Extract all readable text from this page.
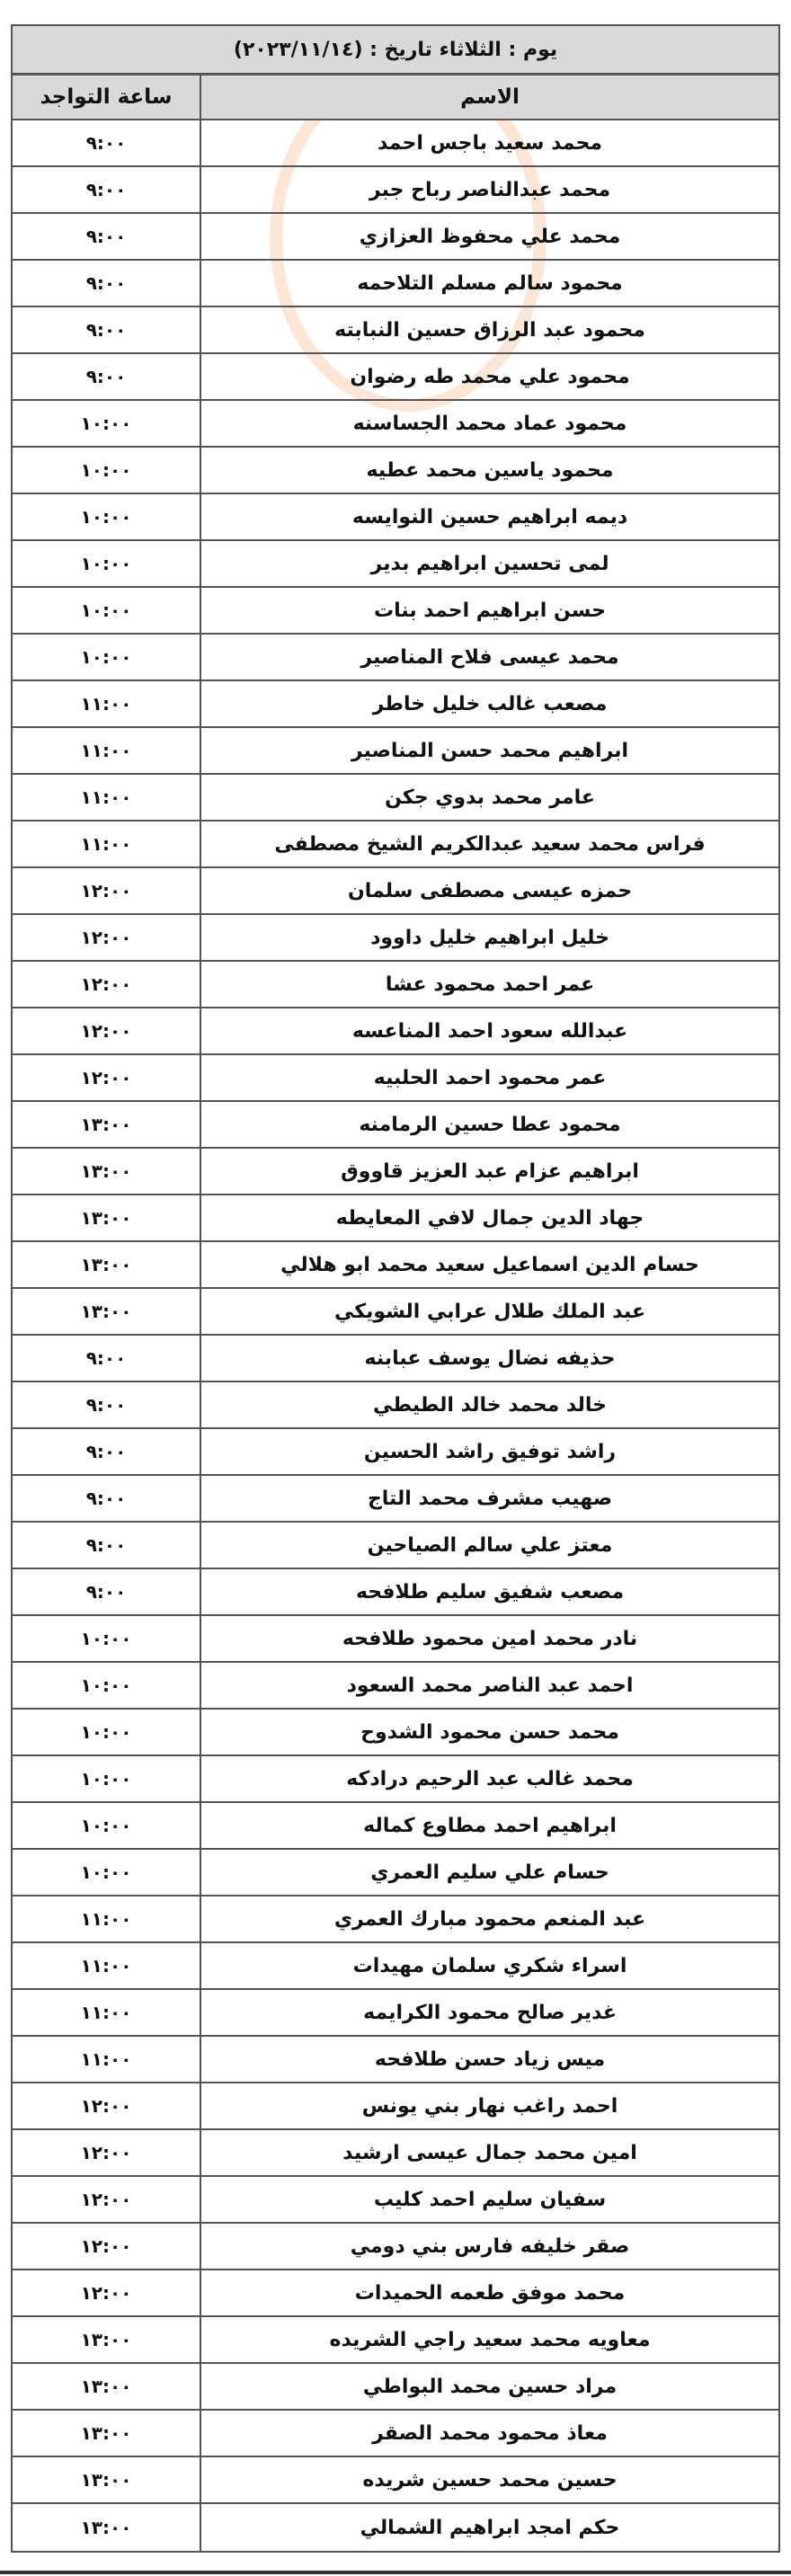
يوم : الثلاثاء تاريخ : (٢٠٢٣/١١/١٤)
الاسم
ساعة التواجد
محمد سعيد باجس احمد
٩:٠٠
محمد عبدالناصر رباح جبر
٩:٠٠
محمد علي محفوظ العزازي
٩:٠٠
محمود سالم مسلم التلاحمه
٩:٠٠
محمود عبد الرزاق حسين النبابته
٩:٠٠
محمود علي محمد طه رضوان
٩:٠٠
محمود عماد محمد الجساسنه
١٠:٠٠
محمود ياسين محمد عطيه
١٠:٠٠
ديمه ابراهيم حسين النوايسه
١٠:٠٠
لمى تحسين ابراهيم بدير
١٠:٠٠
حسن ابراهيم احمد بنات
١٠:٠٠
محمد عيسى فلاح المناصير
١٠:٠٠
مصعب غالب خليل خاطر
١١:٠٠
ابراهيم محمد حسن المناصير
١١:٠٠
عامر محمد بدوي جكن
١١:٠٠
فراس محمد سعيد عبدالكريم الشيخ مصطفى
١١:٠٠
حمزه عيسى مصطفى سلمان
١٢:٠٠
خليل ابراهيم خليل داوود
١٢:٠٠
عمر احمد محمود عشا
١٢:٠٠
عبدالله سعود احمد المناعسه
١٢:٠٠
عمر محمود احمد الحلبيه
١٢:٠٠
محمود عطا حسين الرمامنه
١٣:٠٠
ابراهيم عزام عبد العزيز قاووق
١٣:٠٠
جهاد الدين جمال لافي المعايطه
١٣:٠٠
حسام الدين اسماعيل سعيد محمد ابو هلالي
١٣:٠٠
عبد الملك طلال عرابي الشويكي
١٣:٠٠
حذيفه نضال يوسف عبابنه
٩:٠٠
خالد محمد خالد الطيطي
٩:٠٠
راشد توفيق راشد الحسين
٩:٠٠
صهيب مشرف محمد التاج
٩:٠٠
معتز علي سالم الصياحين
٩:٠٠
مصعب شفيق سليم طلافحه
٩:٠٠
نادر محمد امين محمود طلافحه
١٠:٠٠
احمد عبد الناصر محمد السعود
١٠:٠٠
محمد حسن محمود الشدوح
١٠:٠٠
محمد غالب عبد الرحيم درادكه
١٠:٠٠
ابراهيم احمد مطاوع كماله
١٠:٠٠
حسام علي سليم العمري
١٠:٠٠
عبد المنعم محمود مبارك العمري
١١:٠٠
اسراء شكري سلمان مهيدات
١١:٠٠
غدير صالح محمود الكرايمه
١١:٠٠
ميس زياد حسن طلافحه
١١:٠٠
احمد راغب نهار بني يونس
١٢:٠٠
امين محمد جمال عيسى ارشيد
١٢:٠٠
سفيان سليم احمد كليب
١٢:٠٠
صقر خليفه فارس بني دومي
١٢:٠٠
محمد موفق طعمه الحميدات
١٢:٠٠
معاويه محمد سعيد راجي الشريده
١٣:٠٠
مراد حسين محمد البواطي
١٣:٠٠
معاذ محمود محمد الصقر
١٣:٠٠
حسين محمد حسين شريده
١٣:٠٠
حكم امجد ابراهيم الشمالي
١٣:٠٠
